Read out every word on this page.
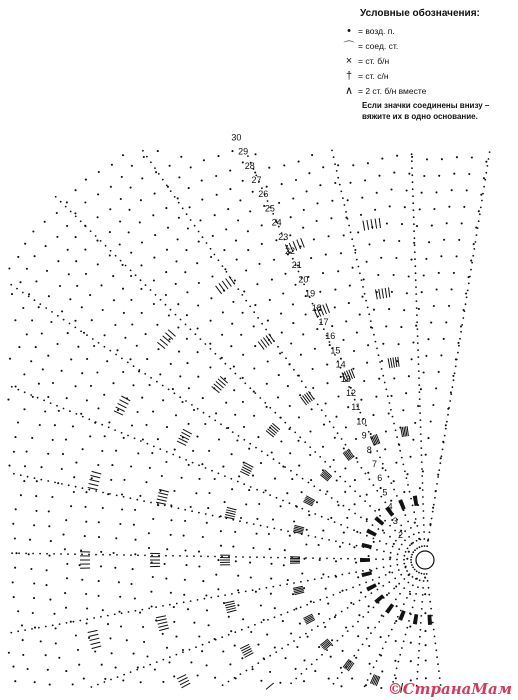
2
3
4
5
6
7
8
9
10
11
12
13
14
15
16
17
18
19
20
21
22
23
24
25
26
27
28
29
30
Условные обозначения:
• = возд. п.
⌒ = соед. ст.
× = ст. б/н
† = ст. с/н
∧ = 2 ст. б/н вместе
Если значки соединены внизу – вяжите их в одно основание.
©СтранаМам
